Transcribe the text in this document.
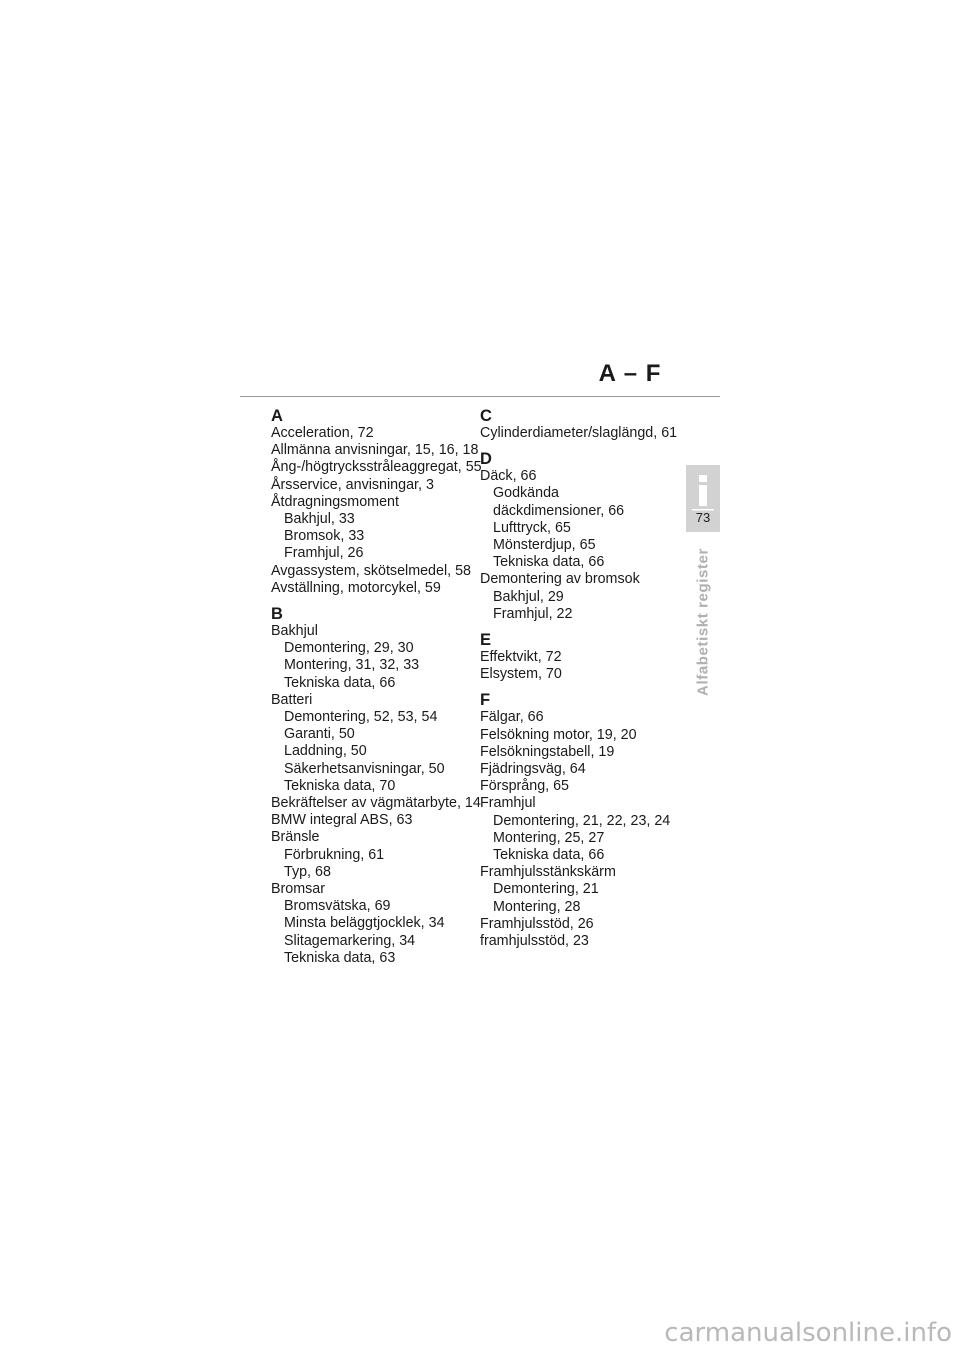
A – F
A
Acceleration, 72
Allmänna anvisningar, 15, 16, 18
Ång-/högtrycksstråleaggregat, 55
Årsservice, anvisningar, 3
Åtdragningsmoment
Bakhjul, 33
Bromsok, 33
Framhjul, 26
Avgassystem, skötselmedel, 58
Avställning, motorcykel, 59
B
Bakhjul
Demontering, 29, 30
Montering, 31, 32, 33
Tekniska data, 66
Batteri
Demontering, 52, 53, 54
Garanti, 50
Laddning, 50
Säkerhetsanvisningar, 50
Tekniska data, 70
Bekräftelser av vägmätarbyte, 14
BMW integral ABS, 63
Bränsle
Förbrukning, 61
Typ, 68
Bromsar
Bromsvätska, 69
Minsta beläggtjocklek, 34
Slitagemarkering, 34
Tekniska data, 63
C
Cylinderdiameter/slaglängd, 61
D
Däck, 66
Godkända
däckdimensioner, 66
Lufttryck, 65
Mönsterdjup, 65
Tekniska data, 66
Demontering av bromsok
Bakhjul, 29
Framhjul, 22
E
Effektvikt, 72
Elsystem, 70
F
Fälgar, 66
Felsökning motor, 19, 20
Felsökningstabell, 19
Fjädringsväg, 64
Försprång, 65
Framhjul
Demontering, 21, 22, 23, 24
Montering, 25, 27
Tekniska data, 66
Framhjulsstänkskärm
Demontering, 21
Montering, 28
Framhjulsstöd, 26
framhjulsstöd, 23
73
Alfabetiskt register
carmanualsonline.info
